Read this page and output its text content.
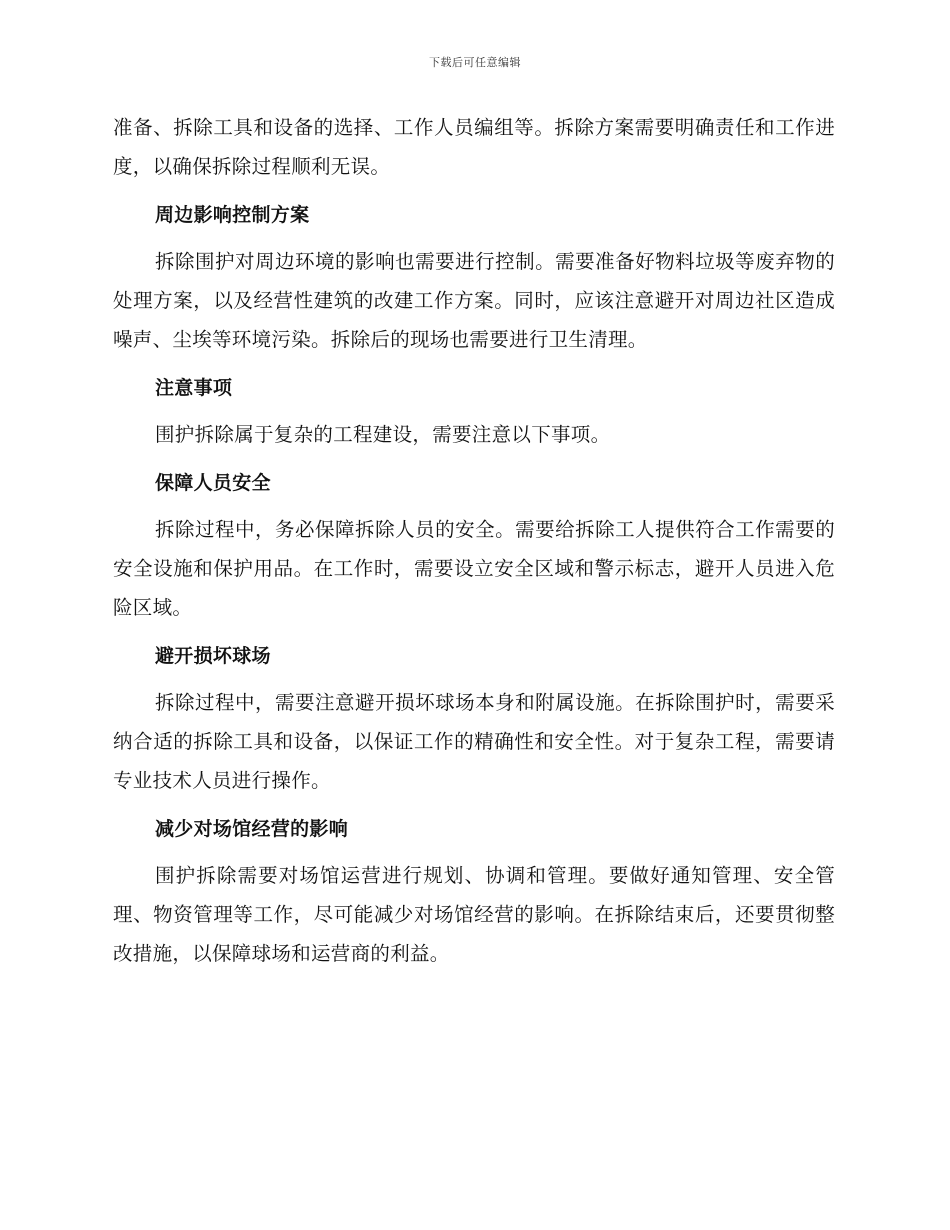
下载后可任意编辑

准备、拆除工具和设备的选择、工作人员编组等。拆除方案需要明确责任和工作进度，以确保拆除过程顺利无误。

周边影响控制方案

拆除围护对周边环境的影响也需要进行控制。需要准备好物料垃圾等废弃物的处理方案，以及经营性建筑的改建工作方案。同时，应该注意避开对周边社区造成噪声、尘埃等环境污染。拆除后的现场也需要进行卫生清理。

注意事项

围护拆除属于复杂的工程建设，需要注意以下事项。

保障人员安全

拆除过程中，务必保障拆除人员的安全。需要给拆除工人提供符合工作需要的安全设施和保护用品。在工作时，需要设立安全区域和警示标志，避开人员进入危险区域。

避开损坏球场

拆除过程中，需要注意避开损坏球场本身和附属设施。在拆除围护时，需要采纳合适的拆除工具和设备，以保证工作的精确性和安全性。对于复杂工程，需要请专业技术人员进行操作。

减少对场馆经营的影响

围护拆除需要对场馆运营进行规划、协调和管理。要做好通知管理、安全管理、物资管理等工作，尽可能减少对场馆经营的影响。在拆除结束后，还要贯彻整改措施，以保障球场和运营商的利益。
